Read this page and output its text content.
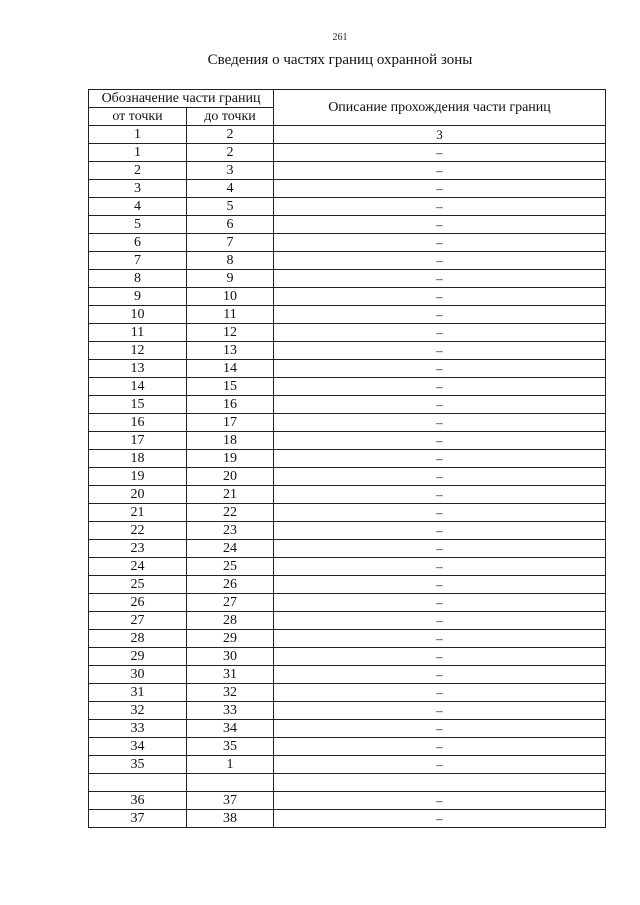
261
Сведения о частях границ охранной зоны
Обозначение части границ		Описание прохождения части границ
от точки	до точки	
1	2	3
1	2	–
2	3	–
3	4	–
4	5	–
5	6	–
6	7	–
7	8	–
8	9	–
9	10	–
10	11	–
11	12	–
12	13	–
13	14	–
14	15	–
15	16	–
16	17	–
17	18	–
18	19	–
19	20	–
20	21	–
21	22	–
22	23	–
23	24	–
24	25	–
25	26	–
26	27	–
27	28	–
28	29	–
29	30	–
30	31	–
31	32	–
32	33	–
33	34	–
34	35	–
35	1	–

36	37	–
37	38	–
